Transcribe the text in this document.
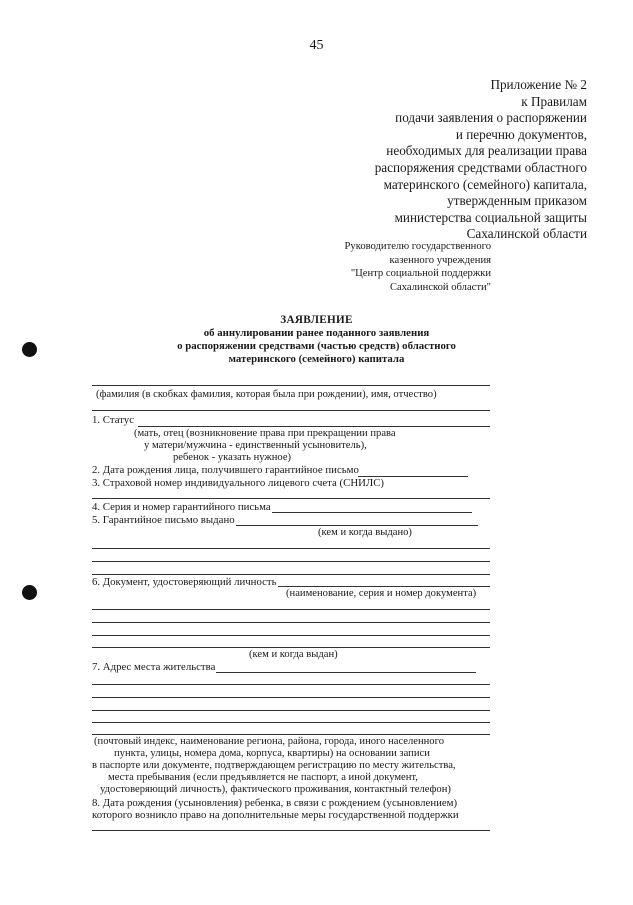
45
Приложение № 2
к Правилам
подачи заявления о распоряжении
и перечню документов,
необходимых для реализации права
распоряжения средствами областного
материнского (семейного) капитала,
утвержденным приказом
министерства социальной защиты
Сахалинской области
Руководителю государственного
казенного учреждения
"Центр социальной поддержки
Сахалинской области"
ЗАЯВЛЕНИЕ
об аннулировании ранее поданного заявления
о распоряжении средствами (частью средств) областного
материнского (семейного) капитала
(фамилия (в скобках фамилия, которая была при рождении), имя, отчество)
1. Статус
(мать, отец (возникновение права при прекращении права
у матери/мужчина - единственный усыновитель),
ребенок - указать нужное)
2. Дата рождения лица, получившего гарантийное письмо
3. Страховой номер индивидуального лицевого счета (СНИЛС)
4. Серия и номер гарантийного письма
5. Гарантийное письмо выдано
(кем и когда выдано)
6. Документ, удостоверяющий личность
(наименование, серия и номер документа)
(кем и когда выдан)
7. Адрес места жительства
(почтовый индекс, наименование региона, района, города, иного населенного
пункта, улицы, номера дома, корпуса, квартиры) на основании записи
в паспорте или документе, подтверждающем регистрацию по месту жительства,
места пребывания (если предъявляется не паспорт, а иной документ,
удостоверяющий личность), фактического проживания, контактный телефон)
8. Дата рождения (усыновления) ребенка, в связи с рождением (усыновлением)
которого возникло право на дополнительные меры государственной поддержки
